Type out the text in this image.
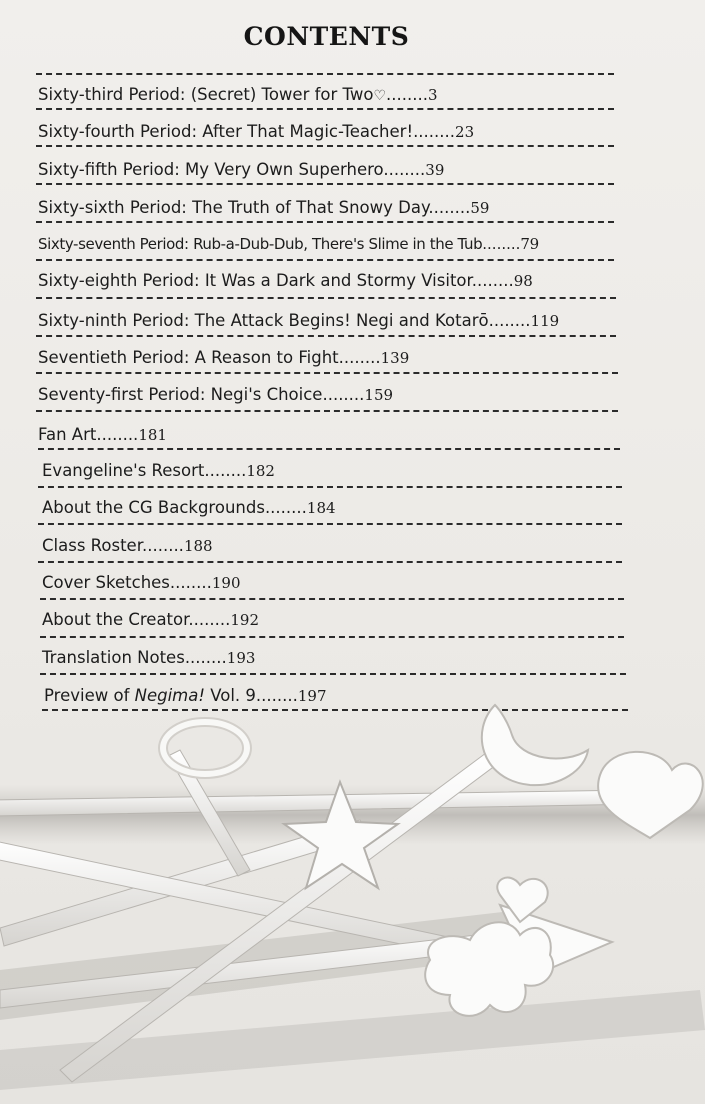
CONTENTS
Sixty-third Period: (Secret) Tower for Two♡........3
Sixty-fourth Period: After That Magic-Teacher!........23
Sixty-fifth Period: My Very Own Superhero........39
Sixty-sixth Period: The Truth of That Snowy Day........59
Sixty-seventh Period: Rub-a-Dub-Dub, There's Slime in the Tub........79
Sixty-eighth Period: It Was a Dark and Stormy Visitor........98
Sixty-ninth Period: The Attack Begins! Negi and Kotarō........119
Seventieth Period: A Reason to Fight........139
Seventy-first Period: Negi's Choice........159
Fan Art........181
Evangeline's Resort........182
About the CG Backgrounds........184
Class Roster........188
Cover Sketches........190
About the Creator........192
Translation Notes........193
Preview of Negima! Vol. 9........197
